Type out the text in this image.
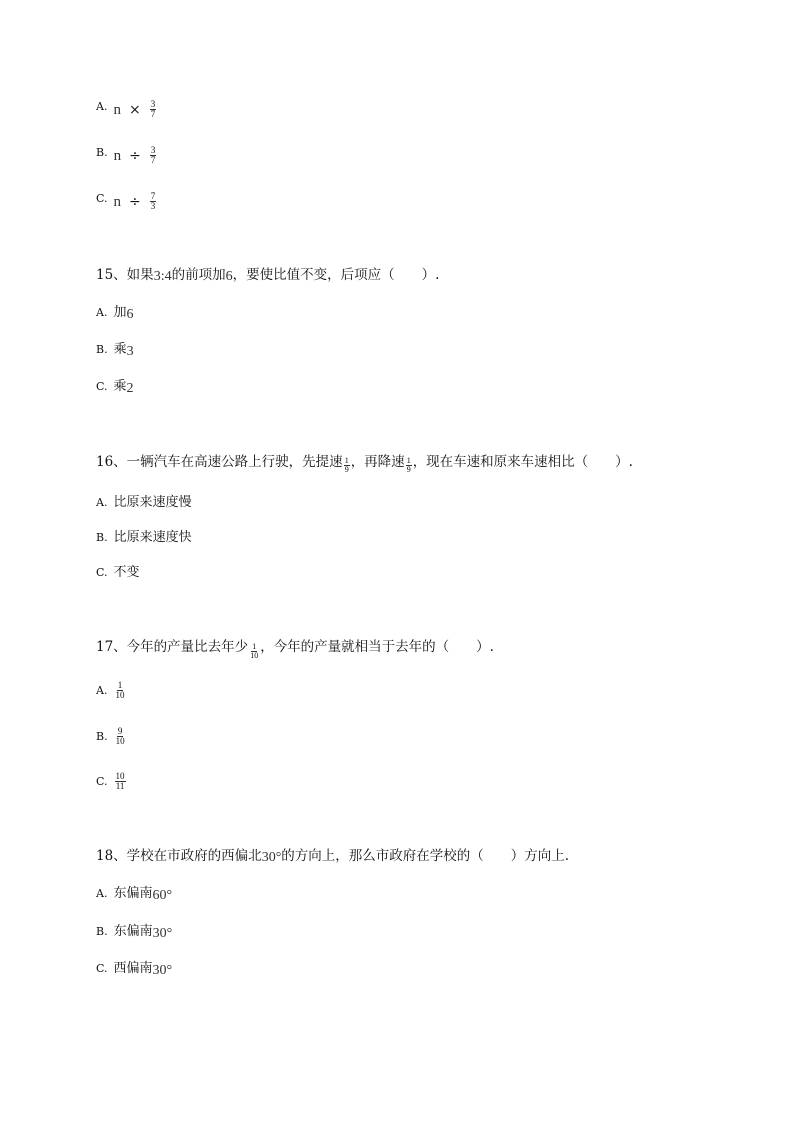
A. $n \times \frac{3}{7}$
B. $n \div \frac{3}{7}$
C. $n \div \frac{7}{3}$
15、如果 3:4 的前项加 6 ，要使比值不变，后项应（　　）.
A. 加 6
B. 乘 3
C. 乘 2
16、一辆汽车在高速公路上行驶，先提速 $\frac{1}{9}$ ，再降速 $\frac{1}{9}$ ，现在车速和原来车速相比（　　）.
A. 比原来速度慢
B. 比原来速度快
C. 不变
17、今年的产量比去年少 $\frac{1}{10}$ ，今年的产量就相当于去年的（　　）.
A. $\frac{1}{10}$
B. $\frac{9}{10}$
C. $\frac{10}{11}$
18、学校在市政府的西偏北 30° 的方向上，那么市政府在学校的（　　）方向上.
A. 东偏南 60°
B. 东偏南 30°
C. 西偏南 30°
